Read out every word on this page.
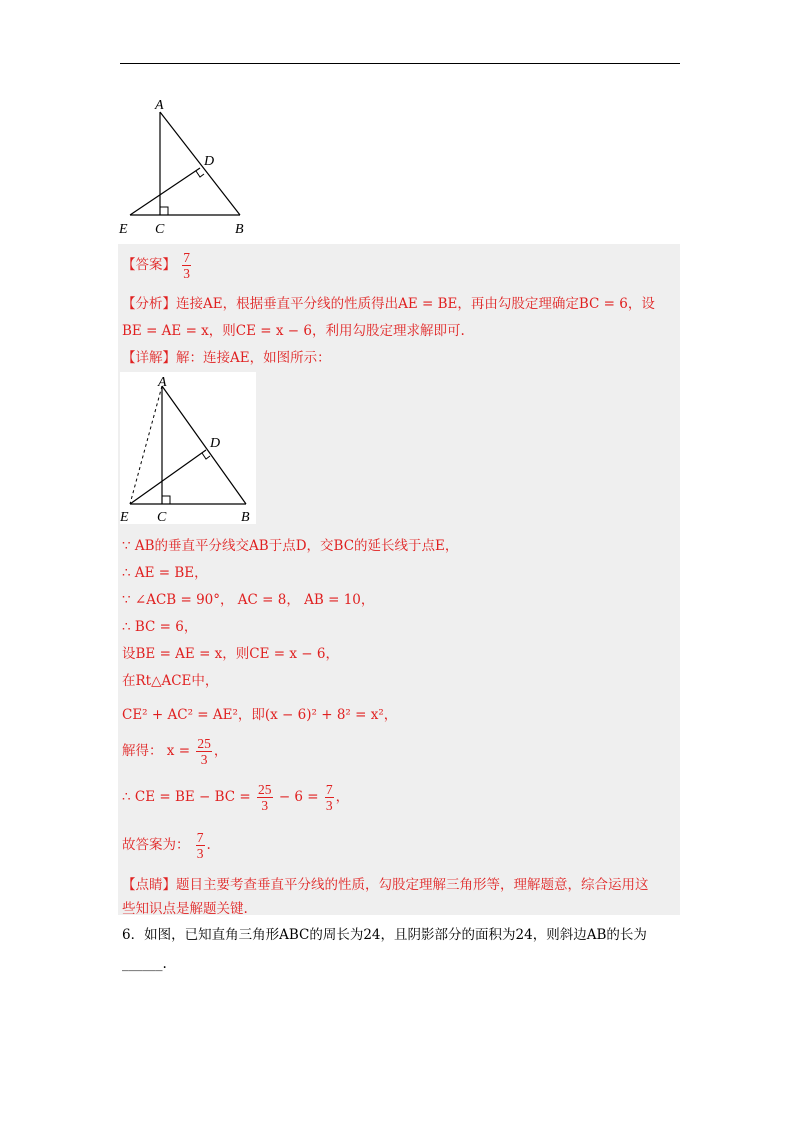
A
D
E C	B
【答案】 $\frac{7}{3}$
【分析】连接AE，根据垂直平分线的性质得出AE = BE，再由勾股定理确定BC = 6，设
BE = AE = x，则CE = x − 6，利用勾股定理求解即可.
【详解】解：连接AE，如图所示：
A
D
E C	B
∵ AB的垂直平分线交AB于点D，交BC的延长线于点E，
∴ AE = BE，
∵ ∠ACB = 90°， AC = 8， AB = 10，
∴ BC = 6，
设BE = AE = x，则CE = x − 6，
在Rt△ACE中，
CE² + AC² = AE²，即(x − 6)² + 8² = x²，
解得： $x = \frac{25}{3}$ ，
∴ CE = BE − BC = $\frac{25}{3} - 6 = \frac{7}{3}$ ，
故答案为： $\frac{7}{3}$ .
【点睛】题目主要考查垂直平分线的性质，勾股定理解三角形等，理解题意，综合运用这
些知识点是解题关键.
6．如图，已知直角三角形ABC的周长为24，且阴影部分的面积为24，则斜边AB的长为
______.
